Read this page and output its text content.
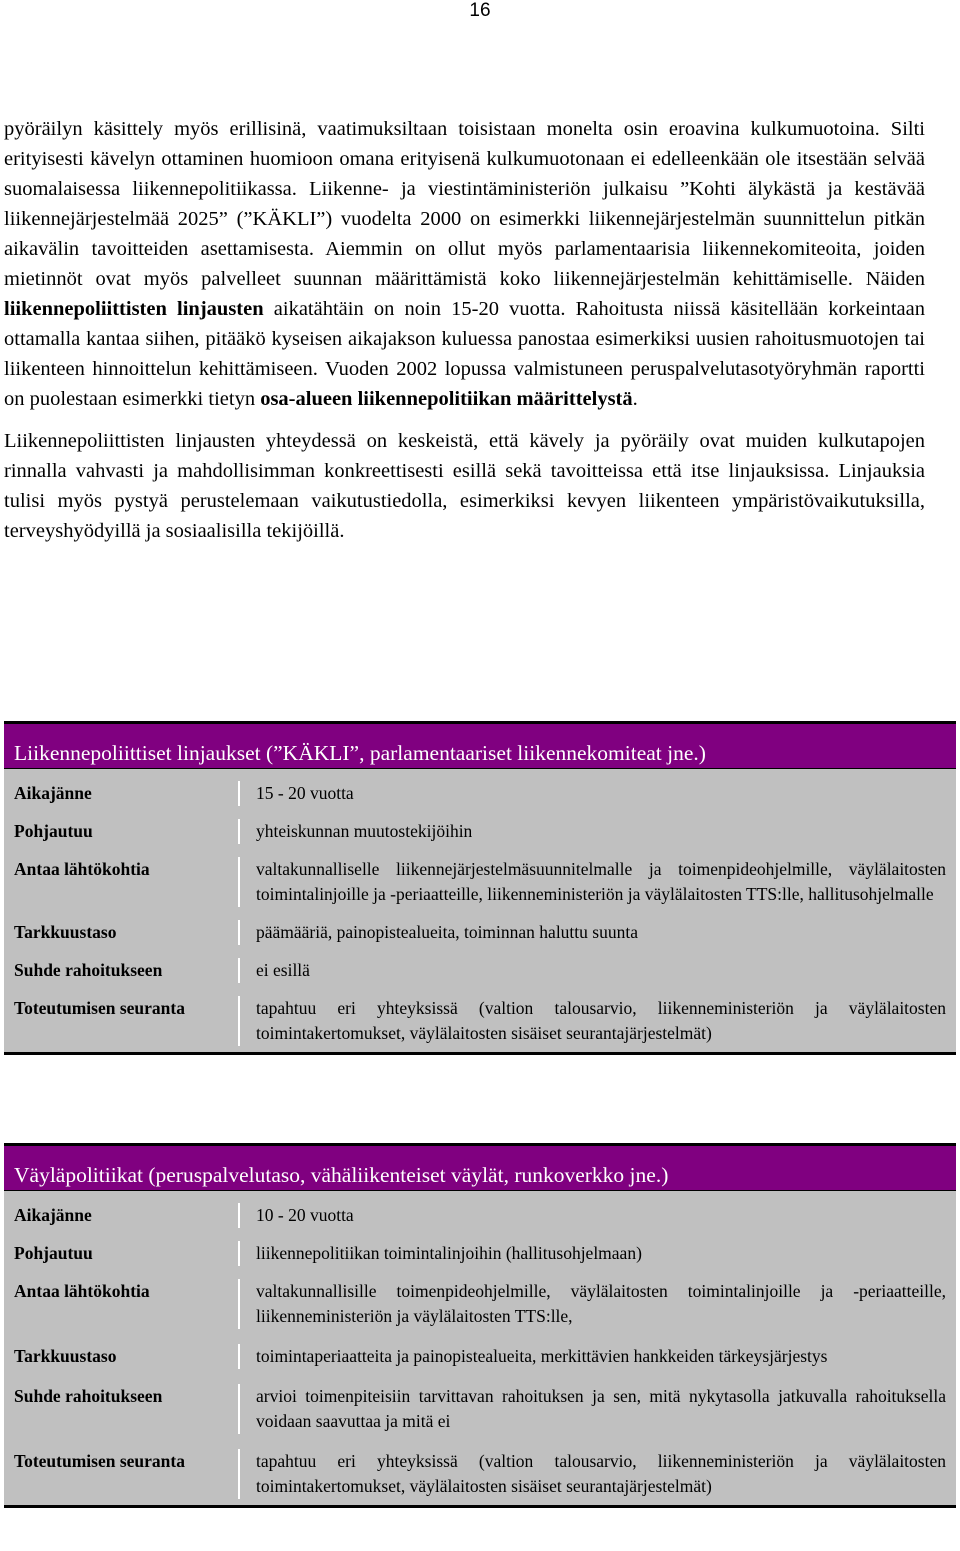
16

pyöräilyn käsittely myös erillisinä, vaatimuksiltaan toisistaan monelta osin eroavina kulkumuotoina. Silti erityisesti kävelyn ottaminen huomioon omana erityisenä kulkumuotonaan ei edelleenkään ole itsestään selvää suomalaisessa liikennepolitiikassa. Liikenne- ja viestintäministeriön julkaisu ”Kohti älykästä ja kestävää liikennejärjestelmää 2025” (”KÄKLI”) vuodelta 2000 on esimerkki liikennejärjestelmän suunnittelun pitkän aikavälin tavoitteiden asettamisesta. Aiemmin on ollut myös parlamentaarisia liikennekomiteoita, joiden mietinnöt ovat myös palvelleet suunnan määrittämistä koko liikennejärjestelmän kehittämiselle. Näiden liikennepoliittisten linjausten aikatähtäin on noin 15-20 vuotta. Rahoitusta niissä käsitellään korkeintaan ottamalla kantaa siihen, pitääkö kyseisen aikajakson kuluessa panostaa esimerkiksi uusien rahoitusmuotojen tai liikenteen hinnoittelun kehittämiseen. Vuoden 2002 lopussa valmistuneen peruspalvelutasotyöryhmän raportti on puolestaan esimerkki tietyn osa-alueen liikennepolitiikan määrittelystä.

Liikennepoliittisten linjausten yhteydessä on keskeistä, että kävely ja pyöräily ovat muiden kulkutapojen rinnalla vahvasti ja mahdollisimman konkreettisesti esillä sekä tavoitteissa että itse linjauksissa. Linjauksia tulisi myös pystyä perustelemaan vaikutustiedolla, esimerkiksi kevyen liikenteen ympäristövaikutuksilla, terveyshyödyillä ja sosiaalisilla tekijöillä.

Liikennepoliittiset linjaukset (”KÄKLI”, parlamentaariset liikennekomiteat jne.)
Aikajänne	15 - 20 vuotta
Pohjautuu	yhteiskunnan muutostekijöihin
Antaa lähtökohtia	valtakunnalliselle liikennejärjestelmäsuunnitelmalle ja toimenpideohjelmille, väylälaitosten toimintalinjoille ja -periaatteille, liikenneministeriön ja väylälaitosten TTS:lle, hallitusohjelmalle
Tarkkuustaso	päämääriä, painopistealueita, toiminnan haluttu suunta
Suhde rahoitukseen	ei esillä
Toteutumisen seuranta	tapahtuu eri yhteyksissä (valtion talousarvio, liikenneministeriön ja väylälaitosten toimintakertomukset, väylälaitosten sisäiset seurantajärjestelmät)
Väyläpolitiikat (peruspalvelutaso, vähäliikenteiset väylät, runkoverkko jne.)
Aikajänne	10 - 20 vuotta
Pohjautuu	liikennepolitiikan toimintalinjoihin (hallitusohjelmaan)
Antaa lähtökohtia	valtakunnallisille toimenpideohjelmille, väylälaitosten toimintalinjoille ja -periaatteille, liikenneministeriön ja väylälaitosten TTS:lle,
Tarkkuustaso	toimintaperiaatteita ja painopistealueita, merkittävien hankkeiden tärkeysjärjestys
Suhde rahoitukseen	arvioi toimenpiteisiin tarvittavan rahoituksen ja sen, mitä nykytasolla jatkuvalla rahoituksella voidaan saavuttaa ja mitä ei
Toteutumisen seuranta	tapahtuu eri yhteyksissä (valtion talousarvio, liikenneministeriön ja väylälaitosten toimintakertomukset, väylälaitosten sisäiset seurantajärjestelmät)
